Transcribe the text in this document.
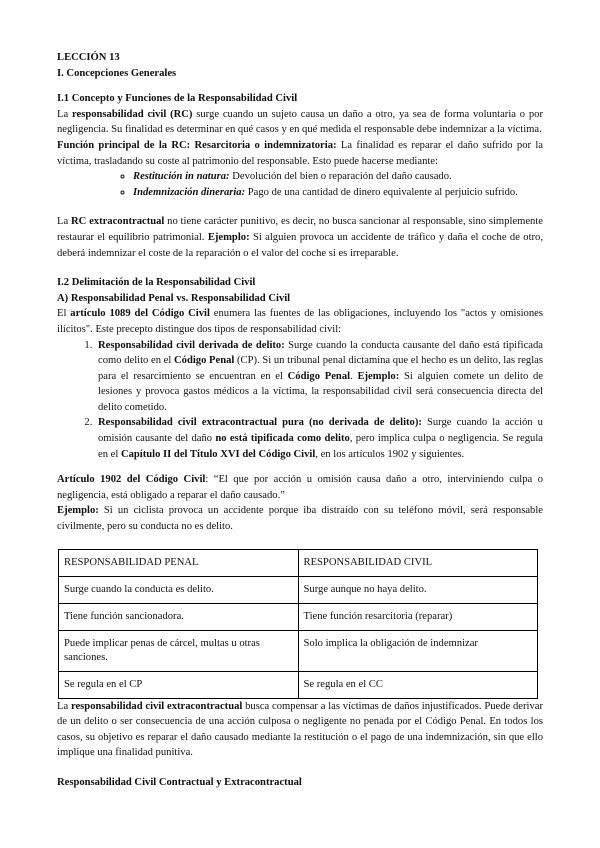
LECCIÓN 13

I. Concepciones Generales

I.1 Concepto y Funciones de la Responsabilidad Civil

La responsabilidad civil (RC) surge cuando un sujeto causa un daño a otro, ya sea de forma voluntaria o por negligencia. Su finalidad es determinar en qué casos y en qué medida el responsable debe indemnizar a la víctima.

Función principal de la RC: Resarcitoria o indemnizatoria: La finalidad es reparar el daño sufrido por la víctima, trasladando su coste al patrimonio del responsable. Esto puede hacerse mediante:

◦ Restitución in natura: Devolución del bien o reparación del daño causado.
◦ Indemnización dineraria: Pago de una cantidad de dinero equivalente al perjuicio sufrido.

La RC extracontractual no tiene carácter punitivo, es decir, no busca sancionar al responsable, sino simplemente restaurar el equilibrio patrimonial. Ejemplo: Si alguien provoca un accidente de tráfico y daña el coche de otro, deberá indemnizar el coste de la reparación o el valor del coche si es irreparable.

I.2 Delimitación de la Responsabilidad Civil

A) Responsabilidad Penal vs. Responsabilidad Civil

El artículo 1089 del Código Civil enumera las fuentes de las obligaciones, incluyendo los "actos y omisiones ilícitos". Este precepto distingue dos tipos de responsabilidad civil:

1. Responsabilidad civil derivada de delito: Surge cuando la conducta causante del daño está tipificada como delito en el Código Penal (CP). Si un tribunal penal dictamina que el hecho es un delito, las reglas para el resarcimiento se encuentran en el Código Penal. Ejemplo: Si alguien comete un delito de lesiones y provoca gastos médicos a la víctima, la responsabilidad civil será consecuencia directa del delito cometido.
2. Responsabilidad civil extracontractual pura (no derivada de delito): Surge cuando la acción u omisión causante del daño no está tipificada como delito, pero implica culpa o negligencia. Se regula en el Capítulo II del Título XVI del Código Civil, en los artículos 1902 y siguientes.

Artículo 1902 del Código Civil: “El que por acción u omisión causa daño a otro, interviniendo culpa o negligencia, está obligado a reparar el daño causado.”

Ejemplo: Si un ciclista provoca un accidente porque iba distraído con su teléfono móvil, será responsable civilmente, pero su conducta no es delito.

RESPONSABILIDAD PENAL	RESPONSABILIDAD CIVIL
Surge cuando la conducta es delito.	Surge aunque no haya delito.
Tiene función sancionadora.	Tiene función resarcitoria (reparar)
Puede implicar penas de cárcel, multas u otras sanciones.	Solo implica la obligación de indemnizar
Se regula en el CP	Se regula en el CC

La responsabilidad civil extracontractual busca compensar a las víctimas de daños injustificados. Puede derivar de un delito o ser consecuencia de una acción culposa o negligente no penada por el Código Penal. En todos los casos, su objetivo es reparar el daño causado mediante la restitución o el pago de una indemnización, sin que ello implique una finalidad punitiva.

Responsabilidad Civil Contractual y Extracontractual
